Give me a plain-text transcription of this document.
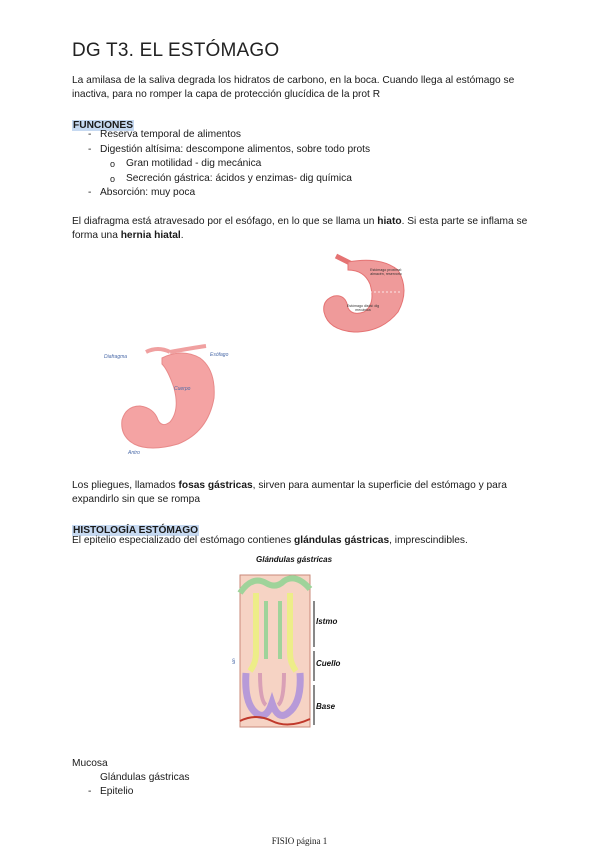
DG T3. EL ESTÓMAGO
La amilasa de la saliva degrada los hidratos de carbono, en la boca. Cuando llega al estómago se inactiva, para no romper la capa de protección glucídica de la prot R
FUNCIONES
- Reserva temporal de alimentos
- Digestión altísima: descompone alimentos, sobre todo prots
o Gran motilidad - dig mecánica
o Secreción gástrica: ácidos y enzimas- dig química
- Absorción: muy poca
El diafragma está atravesado por el esófago, en lo que se llama un hiato. Si esta parte se inflama se forma una hernia hiatal.
Estómago proximal: almacén, reservorio
Estómago distal: dig mecánica
Diafragma	Esófago
Cuerpo
Antro
Los pliegues, llamados fosas gástricas, sirven para aumentar la superficie del estómago y para expandirlo sin que se rompa
HISTOLOGÍA ESTÓMAGO
El epitelio especializado del estómago contienes glándulas gástricas, imprescindibles.
Glándulas gástricas
Istmo
Cuello
Base
§
Mucosa
Glándulas gástricas
- Epitelio
FISIO página 1
